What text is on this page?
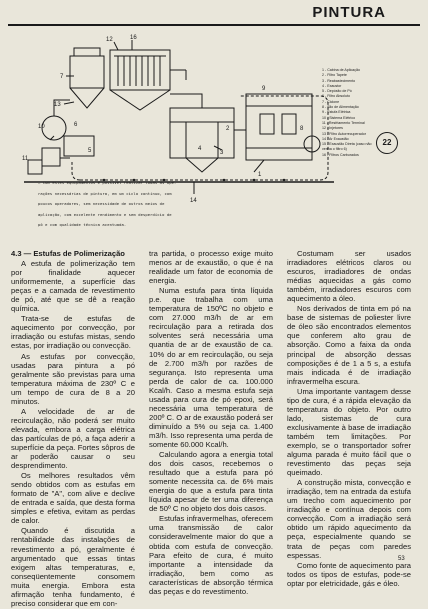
PINTURA
12	16
7
13
6
10
11
5	4
3
2
1
8
9
14
1 - Cabina de Aplicação
2 - Filtro Tapete
3 - Reabastecimento
4 - Exaustor
5 - Depósito de Pó
6 - Filtro Absoluto
7 - Ciclone
8 - Silo de Alimentação
9 - Estufa Elétrica
10 - Sistema Elétrico
11 - Resfriamento Terminal
12 - Injetores
13 - Filtro Autorrecuperador
14 - Ar Exaustão
15 - Exaustão Direta (caso não
venha o filtro 6)
16 - Filtros Carburados
22
— Com estes equipamentos é possível realizar todas as ope-
rações necessárias de pintura, em um ciclo contínuo, com
poucos operadores, sem necessidade de outros meios de
aplicação, com excelente rendimento e sem desperdício de
pó e com qualidade técnica acentuada.
4.3 — Estufas de Polimerização

A estufa de polimerização tem por finalidade aquecer uniformemente, a superfície das peças e a camada de revestimento de pó, até que se dê a reação química.

Trata-se de estufas de aquecimento por convecção, por irradiação ou estufas mistas, sendo estas, por irradiação ou convecção.

As estufas por convecção, usadas para pintura a pó geralmente são previstas para uma temperatura máxima de 230º C e um tempo de cura de 8 a 20 minutos.

A velocidade de ar de recirculação, não poderá ser muito elevada, embora a carga elétrica das partículas de pó, a faça aderir a superfície da peça. Fortes sôpros de ar poderão causar o seu desprendimento.

Os melhores resultados vêm sendo obtidos com as estufas em formato de "A", com alive e declive de entrada e saída, que desta forma simples e efetiva, evitam as perdas de calor.

Quando é discutida a rentabilidade das instalações de revestimento a pó, geralmente é argumentado que essas tintas exigem altas temperaturas, e, conseqüentemente consomem muita energia. Embora esta afirmação tenha fundamento, é preciso considerar que em con-

tra partida, o processo exige muito menos ar de exaustão, o que é na realidade um fator de economia de energia.

Numa estufa para tinta líquida p.e. que trabalha com uma temperatura de 150ºC no objeto e com 27.000 m3/h de ar em recirculação para a retirada dos solventes será necessária uma quantia de ar de exaustão de ca. 10% do ar em recirculação, ou seja de 2.700 m3/h por razões de segurança. Isto representa uma perda de calor de ca. 100.000 Kcal/h. Caso a mesma estufa seja usada para cura de pó epoxi, será necessária uma temperatura de 200º C. O ar de exaustão poderá ser diminuído a 5% ou seja ca. 1.400 m3/h. Isso representa uma perda de somente 60.000 Kcal/h.

Calculando agora a energia total dos dois casos, recebemos o resultado que a estufa para pó somente necessita ca. de 6% mais energia do que a estufa para tinta líquida apesar de ter uma diferença de 50º C no objeto dos dois casos.

Estufas infravermelhas, oferecem uma transmissão de calor consideravelmente maior do que a obtida com estufa de convecção. Para efeito de cura, é muito importante a intensidade da irradiação, bem como as características de absorção térmica das peças e do revestimento.

Costumam ser usados irradiadores elétricos claros ou escuros, irradiadores de ondas médias aquecidas a gás como também, irradiadores escuros com aquecimento a óleo.

Nos derivados de tinta em pó na base de sistemas de poliester livre de óleo são encontrados elementos que conferem alto grau de absorção. Como a faixa da onda principal de absorção dessas composições é de 1 a 5 s, a estufa mais indicada é de irradiação infravermelha escura.

Uma importante vantagem desse tipo de cura, é a rápida elevação da temperatura do objeto. Por outro lado, sistemas de cura exclusivamente à base de irradiação também tem limitações. Por exemplo, se o transportador sofrer alguma parada é muito fácil que o revestimento das peças seja queimado.

A construção mista, convecção e irradiação, tem na entrada da estufa um trecho com aquecimento por irradiação e contínua depois com convecção. Com a irradiação será obtido um rápido aquecimento da peça, especialmente quando se trata de peças com paredes espessas.

Como fonte de aquecimento para todos os tipos de estufas, pode-se optar por eletricidade, gás e óleo.

53
